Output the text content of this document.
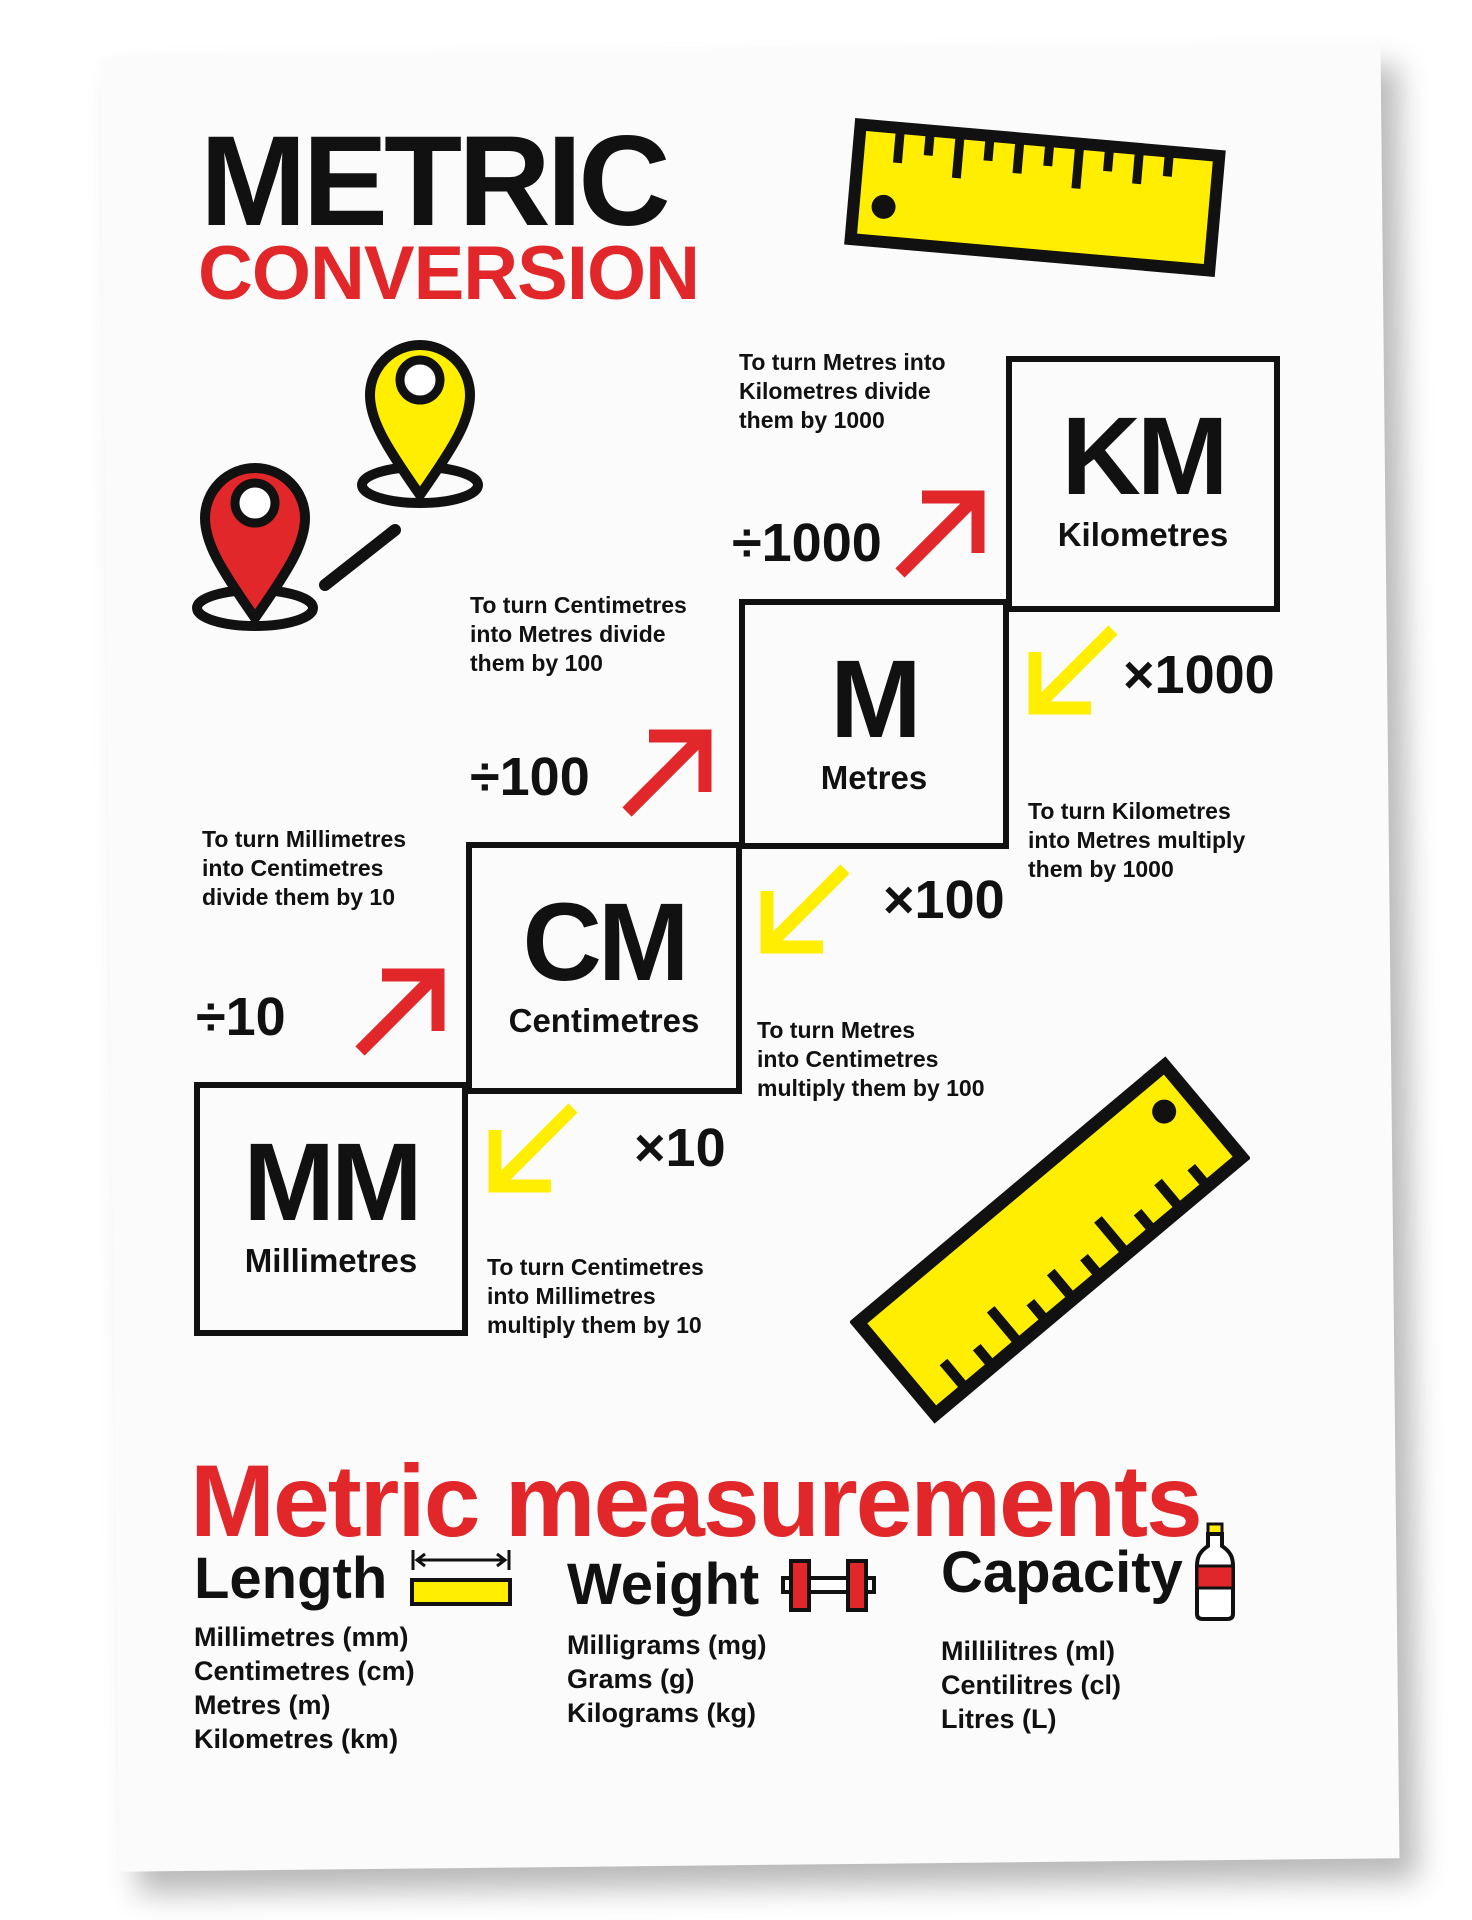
METRIC
CONVERSION
KM
Kilometres
M
Metres
CM
Centimetres
MM
Millimetres
To turn Metres into
Kilometres divide
them by 1000
÷1000
To turn Centimetres
into Metres divide
them by 100
÷100
To turn Millimetres
into Centimetres
divide them by 10
÷10
×1000
To turn Kilometres
into Metres multiply
them by 1000
×100
To turn Metres
into Centimetres
multiply them by 100
×10
To turn Centimetres
into Millimetres
multiply them by 10
Metric measurements
Length
Millimetres (mm)
Centimetres (cm)
Metres (m)
Kilometres (km)
Weight
Milligrams (mg)
Grams (g)
Kilograms (kg)
Capacity
Millilitres (ml)
Centilitres (cl)
Litres (L)
